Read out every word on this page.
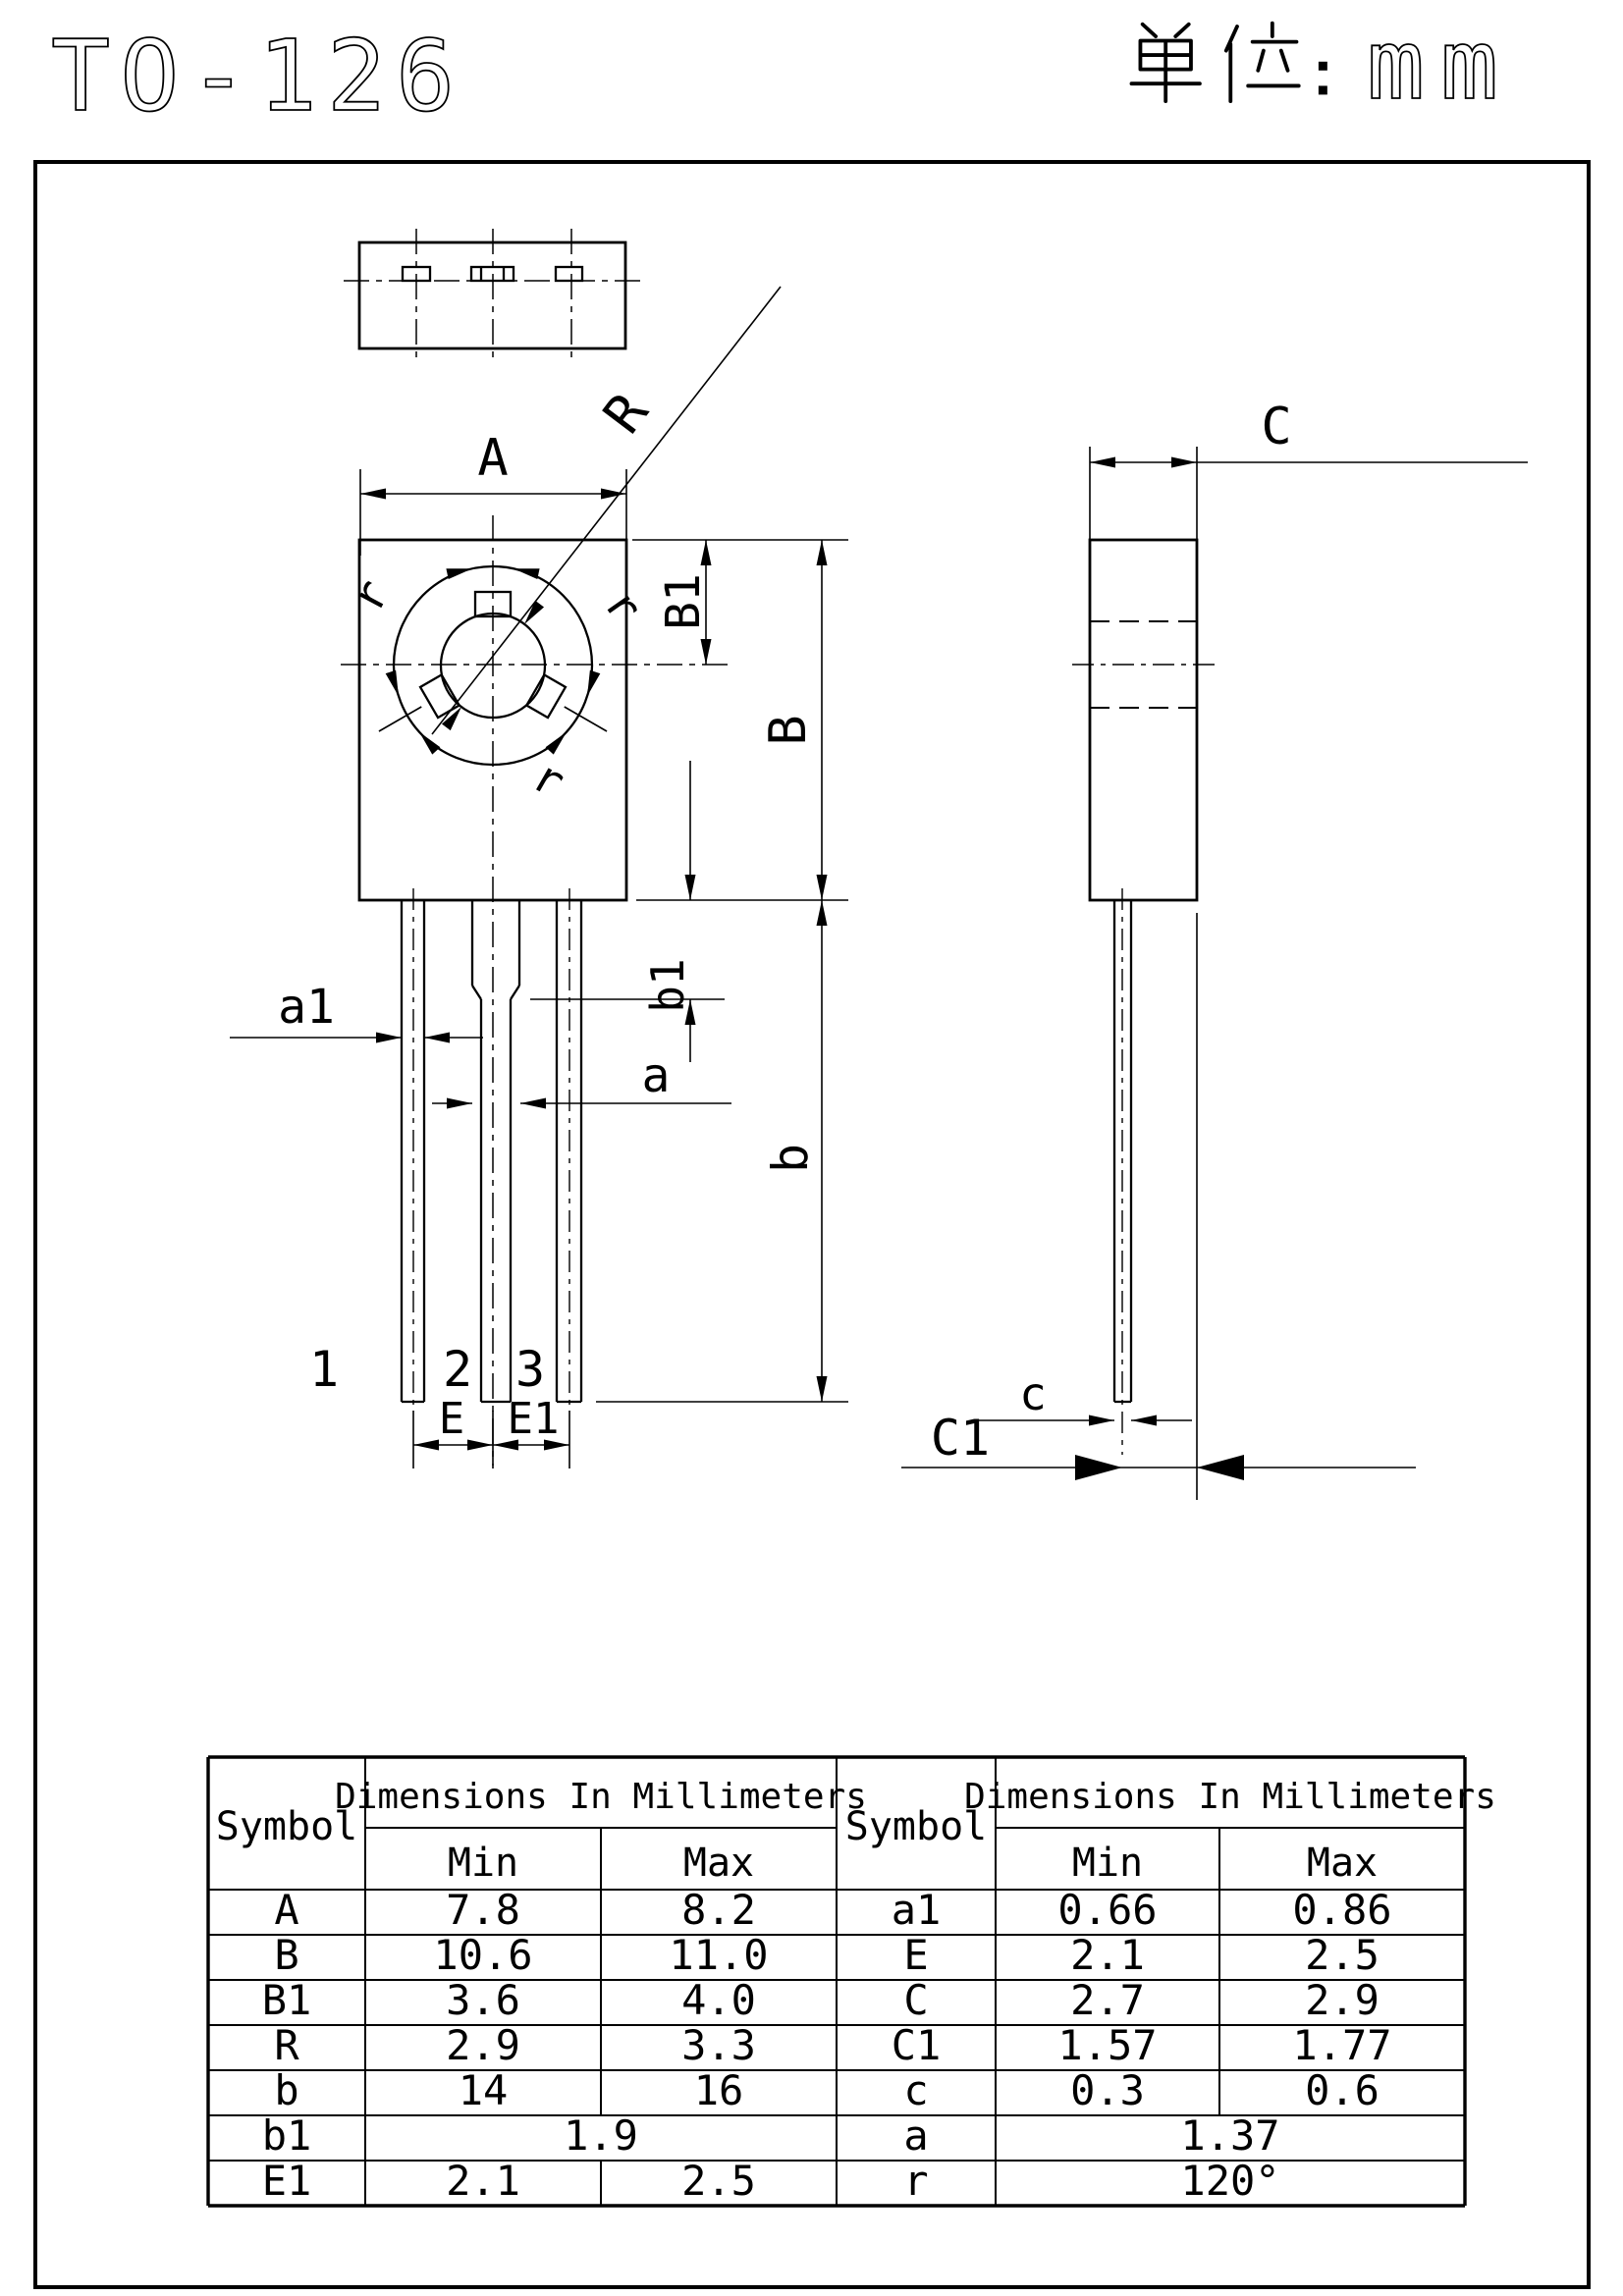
TO-126	mm
r	r
r
R
A
B1
B
b
b1
a1
a
1 2 3
E E1
C
c
C1
Symbol
Dimensions In Millimeters
Min	Max
Symbol
Dimensions In Millimeters
Min	Max
A	7.8	8.2
B	10.6	11.0
B1	3.6	4.0
R	2.9	3.3
b	14	16
b1	1.9
E1	2.1	2.5
a1	0.66	0.86
E	2.1	2.5
C	2.7	2.9
C1	1.57	1.77
c	0.3	0.6
a	1.37
r	120°
